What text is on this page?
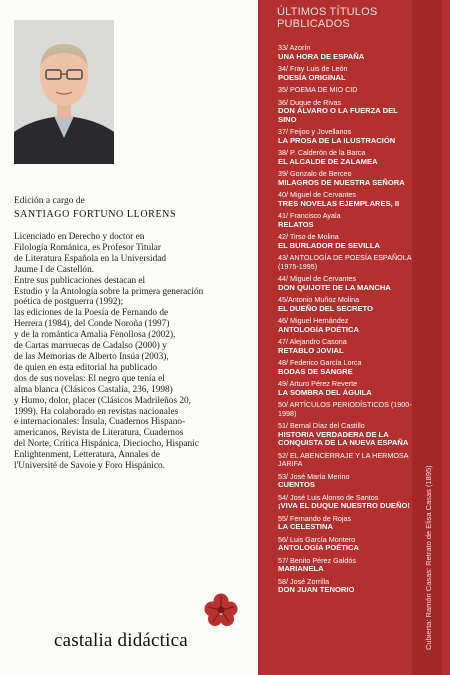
Edición a cargo de
SANTIAGO FORTUNO LLORENS

Licenciado en Derecho y doctor en

Filología Románica, es Profesor Titular

de Literatura Española en la Universidad

Jaume I de Castellón.

Entre sus publicaciones destacan el

Estudio y la Antología sobre la primera generación

poética de postguerra (1992);

las ediciones de la Poesía de Fernando de

Herrera (1984), del Conde Noroña (1997)

y de la romántica Amalia Fenollosa (2002),

de Cartas marruecas de Cadalso (2000) y

de las Memorias de Alberto Insúa (2003),

de quien en esta editorial ha publicado

dos de sus novelas: El negro que tenía el

alma blanca (Clásicos Castalia, 236, 1998)

y Humo, dolor, placer (Clásicos Madrileños 20,

1999). Ha colaborado en revistas nacionales

e internacionales: Ínsula, Cuadernos Hispano-

americanos, Revista de Literatura, Cuadernos

del Norte, Crítica Hispánica, Dieciocho, Hispanic

Enlightenment, Letteratura, Annales de

l'Université de Savoie y Foro Hispánico.

castalia didáctica
ÚLTIMOS TÍTULOS
PUBLICADOS
33/ Azorín
UNA HORA DE ESPAÑA
34/ Fray Luis de León
POESÍA ORIGINAL
35/ POEMA DE MIO CID
36/ Duque de Rivas
DON ÁLVARO O LA FUERZA DEL SINO
37/ Feijoo y Jovellanos
LA PROSA DE LA ILUSTRACIÓN
38/ P. Calderón de la Barca
EL ALCALDE DE ZALAMEA
39/ Gonzalo de Berceo
MILAGROS DE NUESTRA SEÑORA
40/ Miguel de Cervantes
TRES NOVELAS EJEMPLARES, II
41/ Francisco Ayala
RELATOS
42/ Tirso de Molina
EL BURLADOR DE SEVILLA
43/ ANTOLOGÍA DE POESÍA ESPAÑOLA (1975-1995)
44/ Miguel de Cervantes
DON QUIJOTE DE LA MANCHA
45/Antonio Muñoz Molina
EL DUEÑO DEL SECRETO
46/ Miguel Hernández
ANTOLOGÍA POÉTICA
47/ Alejandro Casona
RETABLO JOVIAL
48/ Federico García Lorca
BODAS DE SANGRE
49/ Arturo Pérez Reverte
LA SOMBRA DEL ÁGUILA
50/ ARTÍCULOS PERIODÍSTICOS (1900-1998)
51/ Bernal Díaz del Castillo
HISTORIA VERDADERA DE LA CONQUISTA DE LA NUEVA ESPAÑA
52/ EL ABENCERRAJE Y LA HERMOSA JARIFA
53/ José María Merino
CUENTOS
54/ José Luis Alonso de Santos
¡VIVA EL DUQUE NUESTRO DUEÑO!
55/ Fernando de Rojas
LA CELESTINA
56/ Luis García Montero
ANTOLOGÍA POÉTICA
57/ Benito Pérez Galdós
MARIANELA
58/ José Zorrilla
DON JUAN TENORIO	Cubierta: Ramón Casas: Retrato de Elisa Casas (1895)
